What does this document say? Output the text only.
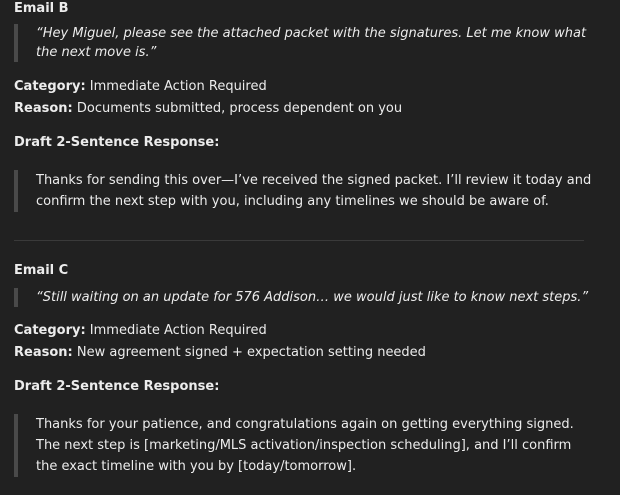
Email B
“Hey Miguel, please see the attached packet with the signatures. Let me know what the next move is.”
Category: Immediate Action Required
Reason: Documents submitted, process dependent on you
Draft 2-Sentence Response:
Thanks for sending this over—I’ve received the signed packet. I’ll review it today and confirm the next step with you, including any timelines we should be aware of.
Email C
“Still waiting on an update for 576 Addison… we would just like to know next steps.”
Category: Immediate Action Required
Reason: New agreement signed + expectation setting needed
Draft 2-Sentence Response:
Thanks for your patience, and congratulations again on getting everything signed. The next step is [marketing/MLS activation/inspection scheduling], and I’ll confirm the exact timeline with you by [today/tomorrow].
